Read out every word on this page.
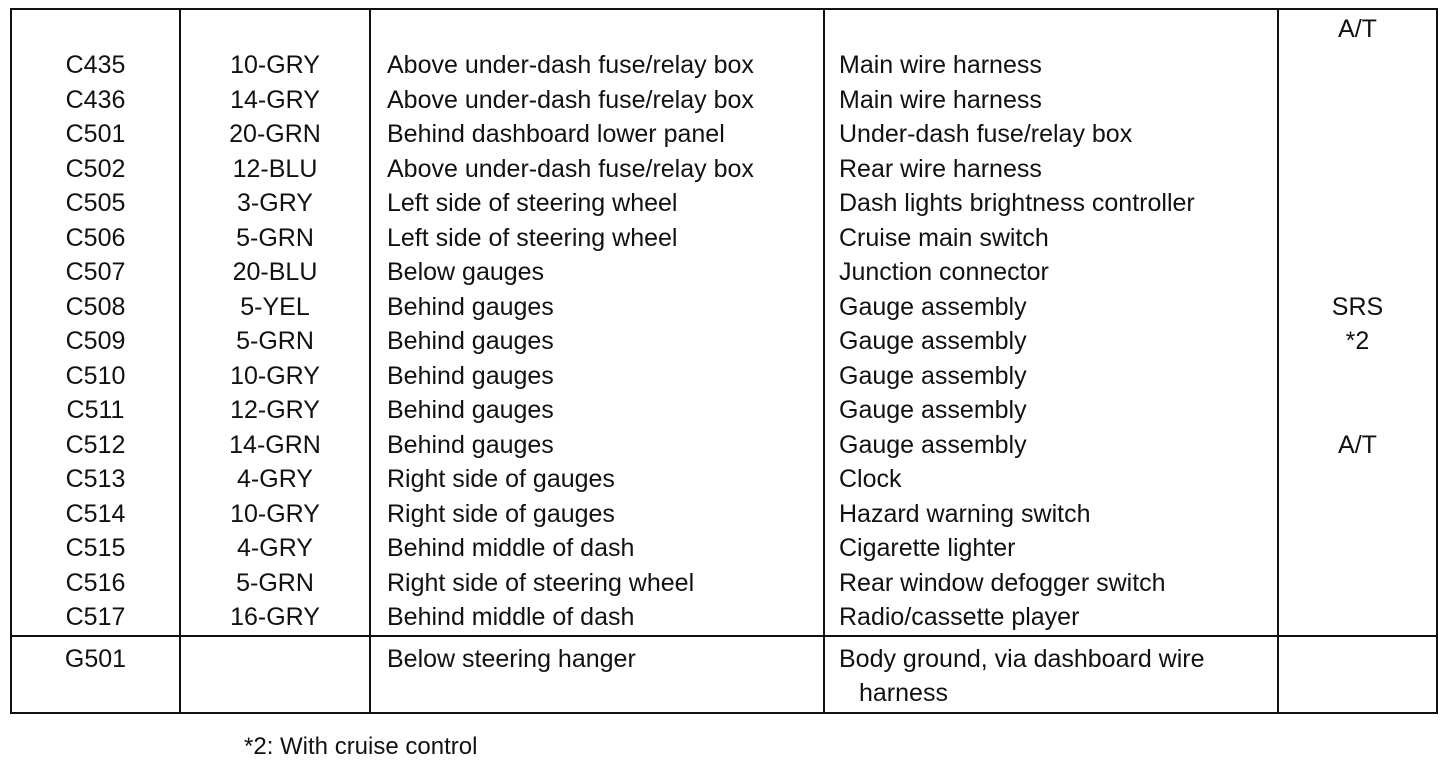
				A/T
C435	10-GRY	Above under-dash fuse/relay box	Main wire harness	
C436	14-GRY	Above under-dash fuse/relay box	Main wire harness	
C501	20-GRN	Behind dashboard lower panel	Under-dash fuse/relay box	
C502	12-BLU	Above under-dash fuse/relay box	Rear wire harness	
C505	3-GRY	Left side of steering wheel	Dash lights brightness controller	
C506	5-GRN	Left side of steering wheel	Cruise main switch	
C507	20-BLU	Below gauges	Junction connector	
C508	5-YEL	Behind gauges	Gauge assembly	SRS
C509	5-GRN	Behind gauges	Gauge assembly	*2
C510	10-GRY	Behind gauges	Gauge assembly	
C511	12-GRY	Behind gauges	Gauge assembly	
C512	14-GRN	Behind gauges	Gauge assembly	A/T
C513	4-GRY	Right side of gauges	Clock	
C514	10-GRY	Right side of gauges	Hazard warning switch	
C515	4-GRY	Behind middle of dash	Cigarette lighter	
C516	5-GRN	Right side of steering wheel	Rear window defogger switch	
C517	16-GRY	Behind middle of dash	Radio/cassette player	
G501		Below steering hanger	Body ground, via dashboard wire
harness	

*2: With cruise control
